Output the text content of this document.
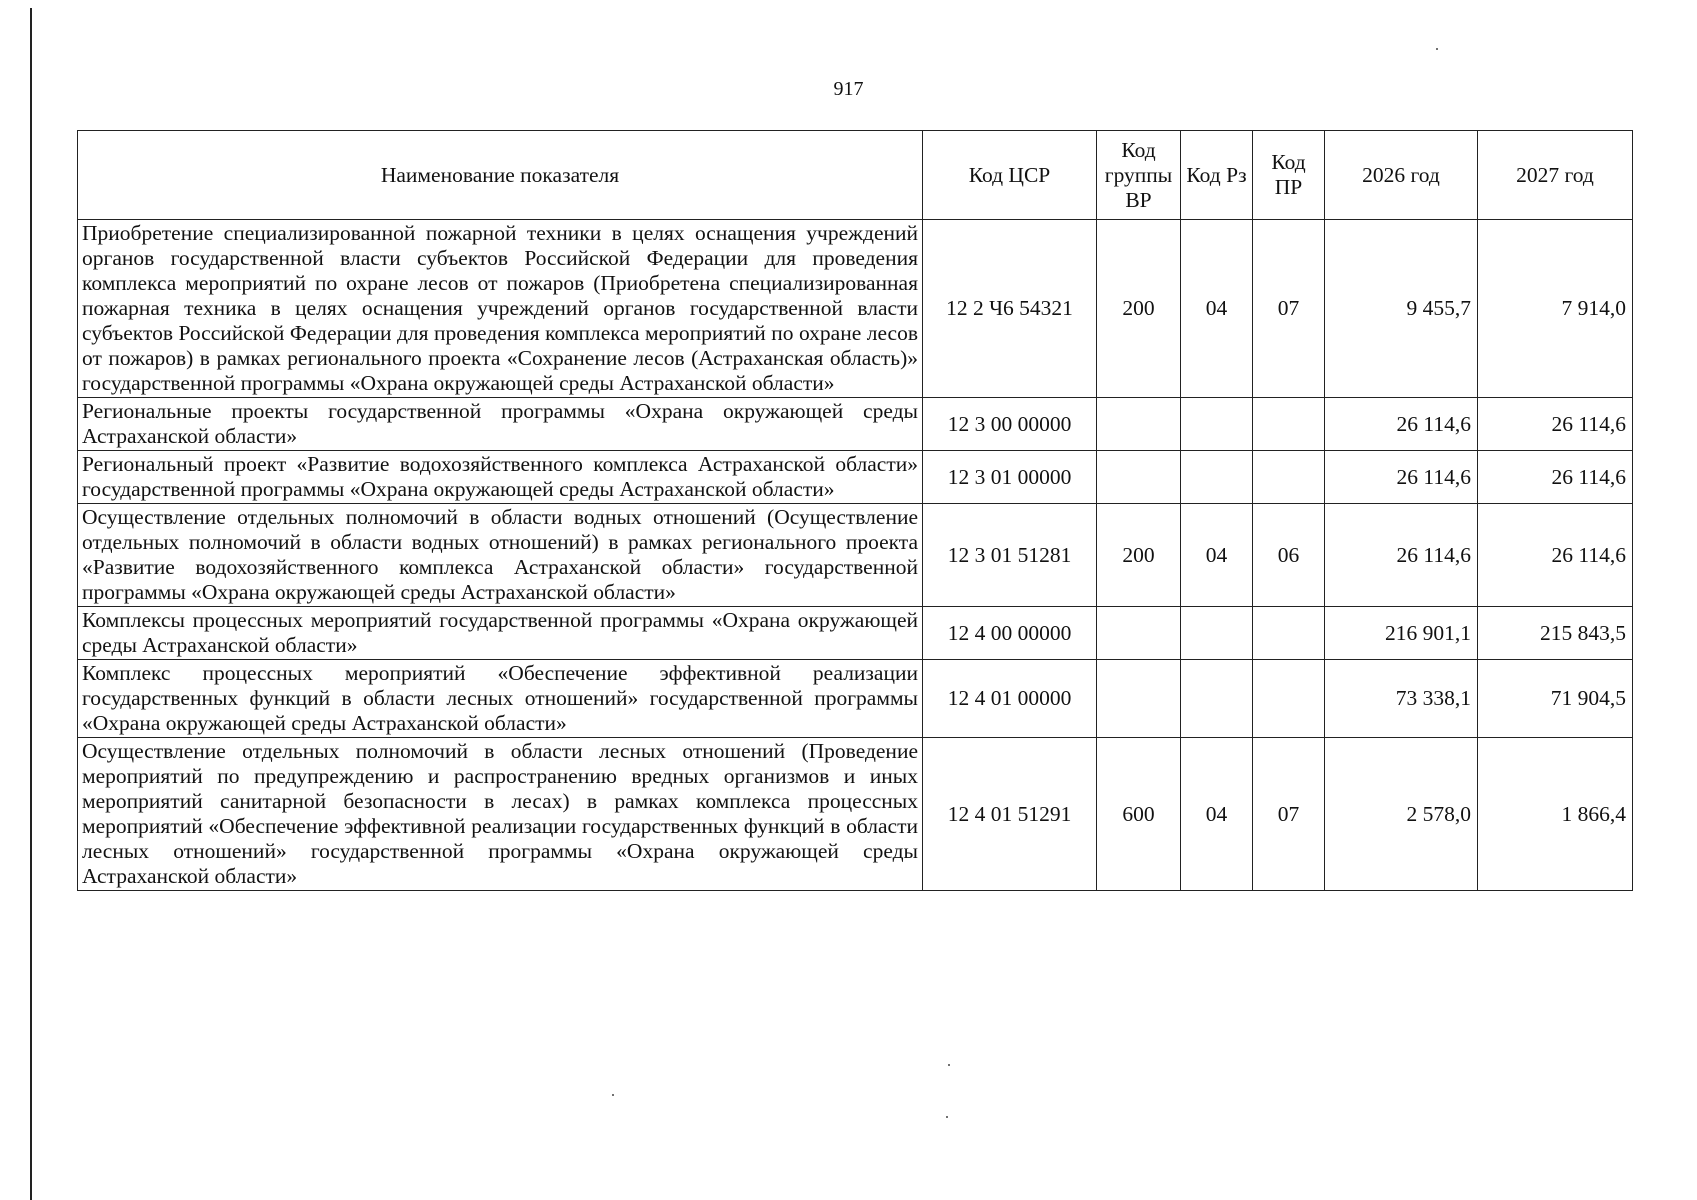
917
Наименование показателя	Код ЦСР	Код группы ВР	Код Рз	Код ПР	2026 год	2027 год
Приобретение специализированной пожарной техники в целях оснащения учреждений органов государственной власти субъектов Российской Федерации для проведения комплекса мероприятий по охране лесов от пожаров (Приобретена специализированная пожарная техника в целях оснащения учреждений органов государственной власти субъектов Российской Федерации для проведения комплекса мероприятий по охране лесов от пожаров) в рамках регионального проекта «Сохранение лесов (Астраханская область)» государственной программы «Охрана окружающей среды Астраханской области»	12 2 Ч6 54321	200	04	07	9 455,7	7 914,0
Региональные проекты государственной программы «Охрана окружающей среды Астраханской области»	12 3 00 00000				26 114,6	26 114,6
Региональный проект «Развитие водохозяйственного комплекса Астраханской области» государственной программы «Охрана окружающей среды Астраханской области»	12 3 01 00000				26 114,6	26 114,6
Осуществление отдельных полномочий в области водных отношений (Осуществление отдельных полномочий в области водных отношений) в рамках регионального проекта «Развитие водохозяйственного комплекса Астраханской области» государственной программы «Охрана окружающей среды Астраханской области»	12 3 01 51281	200	04	06	26 114,6	26 114,6
Комплексы процессных мероприятий государственной программы «Охрана окружающей среды Астраханской области»	12 4 00 00000				216 901,1	215 843,5
Комплекс процессных мероприятий «Обеспечение эффективной реализации государственных функций в области лесных отношений» государственной программы «Охрана окружающей среды Астраханской области»	12 4 01 00000				73 338,1	71 904,5
Осуществление отдельных полномочий в области лесных отношений (Проведение мероприятий по предупреждению и распространению вредных организмов и иных мероприятий санитарной безопасности в лесах) в рамках комплекса процессных мероприятий «Обеспечение эффективной реализации государственных функций в области лесных отношений» государственной программы «Охрана окружающей среды Астраханской области»	12 4 01 51291	600	04	07	2 578,0	1 866,4
